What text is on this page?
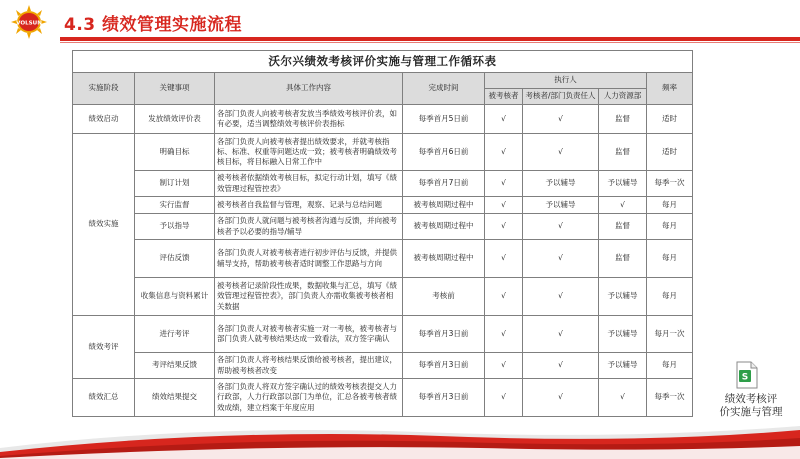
VOLSUN 4.3 绩效管理实施流程
沃尔兴绩效考核评价实施与管理工作循环表							
实施阶段	关键事项	具体工作内容	完成时间	执行人			频率
				被考核者	考核者/部门负责任人	人力资源部	
绩效启动	发放绩效评价表	各部门负责人向被考核者发放当季绩效考核评价表，如有必要，适当调整绩效考核评价表指标	每季首月5日前	√	√	监督	适时
绩效实施	明确目标	各部门负责人向被考核者提出绩效要求，并就考核指标、标准、权重等问题达成一致；被考核者明确绩效考核目标，将目标融入日常工作中	每季首月6日前	√	√	监督	适时
	制订计划	被考核者依据绩效考核目标，拟定行动计划，填写《绩效管理过程管控表》	每季首月7日前	√	予以辅导	予以辅导	每季一次
	实行监督	被考核者自我监督与管理，观察、记录与总结问题	被考核周期过程中	√	予以辅导	√	每月
	予以指导	各部门负责人就问题与被考核者沟通与反馈，并向被考核者予以必要的指导/辅导	被考核周期过程中	√	√	监督	每月
	评估反馈	各部门负责人对被考核者进行初步评估与反馈，并提供辅导支持，帮助被考核者适时调整工作思路与方向	被考核周期过程中	√	√	监督	每月
	收集信息与资料累计	被考核者记录阶段性成果，数据收集与汇总，填写《绩效管理过程管控表》，部门负责人亦需收集被考核者相关数据	考核前	√	√	予以辅导	每月
绩效考评	进行考评	各部门负责人对被考核者实施一对一考核，被考核者与部门负责人就考核结果达成一致看法，双方签字确认	每季首月3日前	√	√	予以辅导	每月一次
	考评结果反馈	各部门负责人将考核结果反馈给被考核者，提出建议，帮助被考核者改变	每季首月3日前	√	√	予以辅导	每月
绩效汇总	绩效结果提交	各部门负责人将双方签字确认过的绩效考核表提交人力行政部，人力行政部以部门为单位，汇总各被考核者绩效成绩，建立档案于年度应用	每季首月3日前	√	√	√	每季一次
S
绩效考核评
价实施与管理
